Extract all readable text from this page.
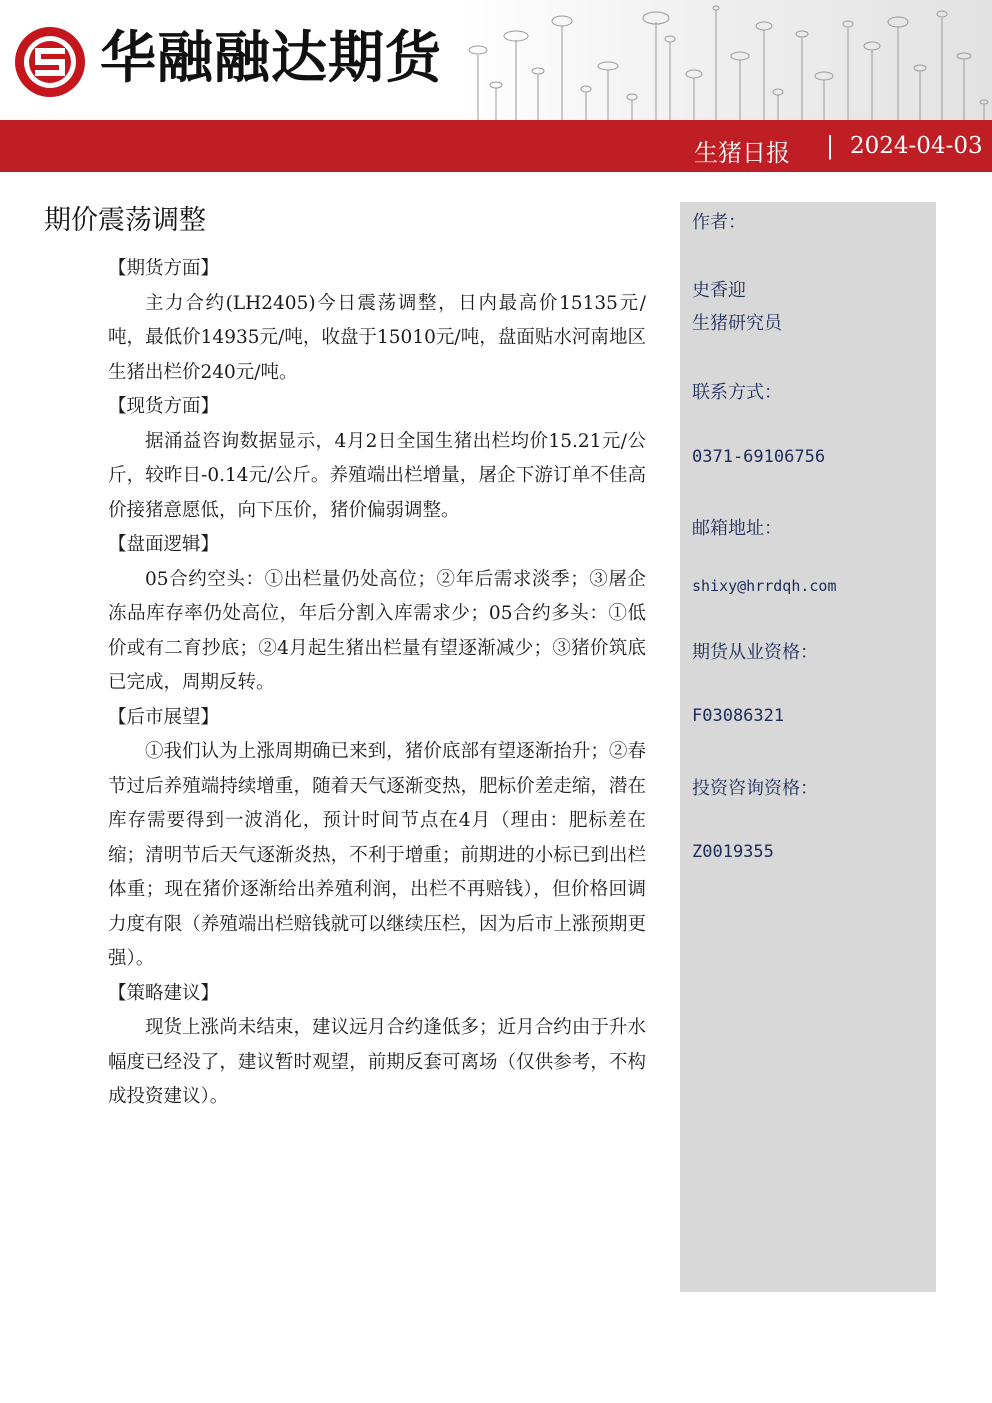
华融融达期货
生猪日报 | 2024-04-03
期价震荡调整

【期货方面】

主力合约(LH2405)今日震荡调整，日内最高价15135元/吨，最低价14935元/吨，收盘于15010元/吨，盘面贴水河南地区生猪出栏价240元/吨。

【现货方面】

据涌益咨询数据显示，4月2日全国生猪出栏均价15.21元/公斤，较昨日-0.14元/公斤。养殖端出栏增量，屠企下游订单不佳高价接猪意愿低，向下压价，猪价偏弱调整。

【盘面逻辑】

05合约空头：①出栏量仍处高位；②年后需求淡季；③屠企冻品库存率仍处高位，年后分割入库需求少；05合约多头：①低价或有二育抄底；②4月起生猪出栏量有望逐渐减少；③猪价筑底已完成，周期反转。

【后市展望】

①我们认为上涨周期确已来到，猪价底部有望逐渐抬升；②春节过后养殖端持续增重，随着天气逐渐变热，肥标价差走缩，潜在库存需要得到一波消化，预计时间节点在4月（理由：肥标差在缩；清明节后天气逐渐炎热，不利于增重；前期进的小标已到出栏体重；现在猪价逐渐给出养殖利润，出栏不再赔钱），但价格回调力度有限（养殖端出栏赔钱就可以继续压栏，因为后市上涨预期更强）。

【策略建议】

现货上涨尚未结束，建议远月合约逢低多；近月合约由于升水幅度已经没了，建议暂时观望，前期反套可离场（仅供参考，不构成投资建议）。

作者：
史香迎
生猪研究员
联系方式：
0371-69106756
邮箱地址：
shixy@hrrdqh.com
期货从业资格：
F03086321
投资咨询资格：
Z0019355
